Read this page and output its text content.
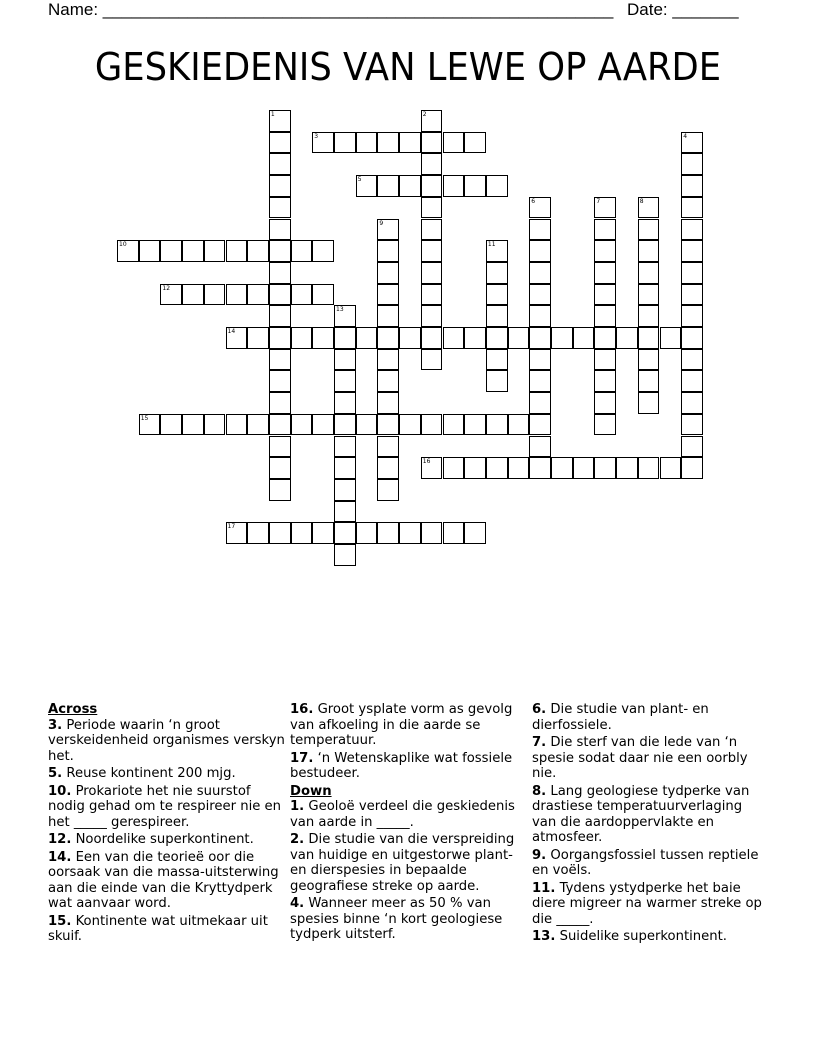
Name: ______________________________________________________ Date: _______
GESKIEDENIS VAN LEWE OP AARDE
1	2
3	4
5
6	7	8
9
10	11
12
13
14
15
16
17
Across
3. Periode waarin ‘n groot verskeidenheid organismes verskyn het.
5. Reuse kontinent 200 mjg.
10. Prokariote het nie suurstof nodig gehad om te respireer nie en het _____ gerespireer.
12. Noordelike superkontinent.
14. Een van die teorieë oor die oorsaak van die massa-uitsterwing aan die einde van die Kryttydperk wat aanvaar word.
15. Kontinente wat uitmekaar uit skuif.
16. Groot ysplate vorm as gevolg van afkoeling in die aarde se temperatuur.
17. ‘n Wetenskaplike wat fossiele bestudeer.
Down
1. Geoloë verdeel die geskiedenis van aarde in _____.
2. Die studie van die verspreiding van huidige en uitgestorwe plant- en dierspesies in bepaalde geografiese streke op aarde.
4. Wanneer meer as 50 % van spesies binne ‘n kort geologiese tydperk uitsterf.
6. Die studie van plant- en dierfossiele.
7. Die sterf van die lede van ‘n spesie sodat daar nie een oorbly nie.
8. Lang geologiese tydperke van drastiese temperatuurverlaging van die aardoppervlakte en atmosfeer.
9. Oorgangsfossiel tussen reptiele en voëls.
11. Tydens ystydperke het baie diere migreer na warmer streke op die _____.
13. Suidelike superkontinent.
